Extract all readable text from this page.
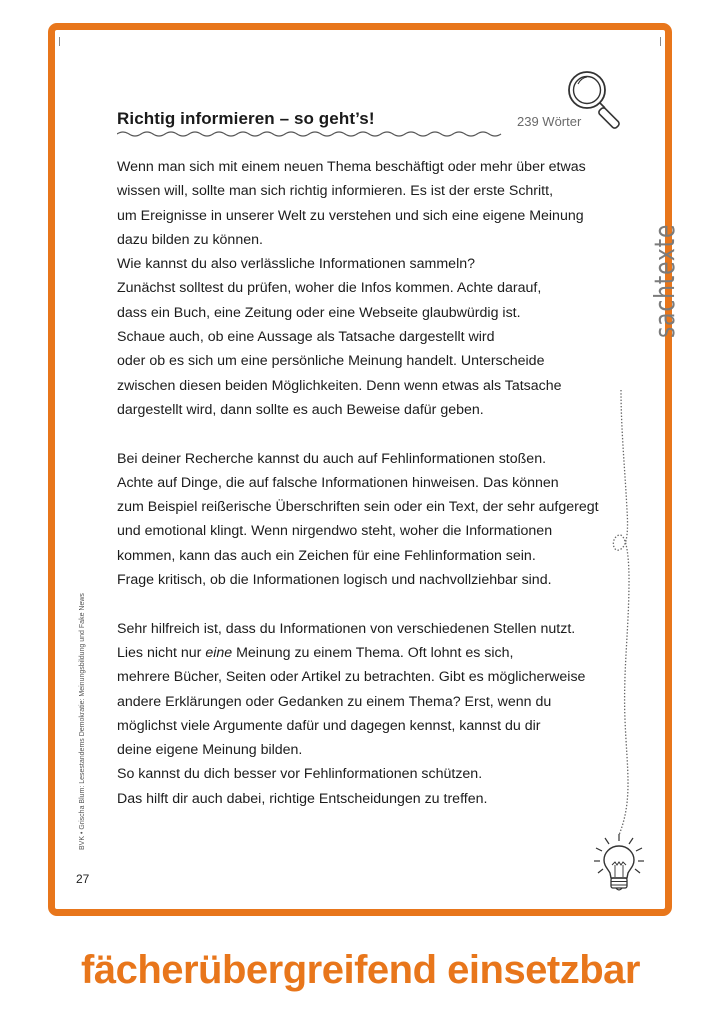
Richtig informieren – so geht’s!	239 Wörter
Wenn man sich mit einem neuen Thema beschäftigt oder mehr über etwas
wissen will, sollte man sich richtig informieren. Es ist der erste Schritt,
um Ereignisse in unserer Welt zu verstehen und sich eine eigene Meinung
dazu bilden zu können.
Wie kannst du also verlässliche Informationen sammeln?
Zunächst solltest du prüfen, woher die Infos kommen. Achte darauf,
dass ein Buch, eine Zeitung oder eine Webseite glaubwürdig ist.
Schaue auch, ob eine Aussage als Tatsache dargestellt wird
oder ob es sich um eine persönliche Meinung handelt. Unterscheide
zwischen diesen beiden Möglichkeiten. Denn wenn etwas als Tatsache
dargestellt wird, dann sollte es auch Beweise dafür geben.
Bei deiner Recherche kannst du auch auf Fehlinformationen stoßen.
Achte auf Dinge, die auf falsche Informationen hinweisen. Das können
zum Beispiel reißerische Überschriften sein oder ein Text, der sehr aufgeregt
und emotional klingt. Wenn nirgendwo steht, woher die Informationen
kommen, kann das auch ein Zeichen für eine Fehlinformation sein.
Frage kritisch, ob die Informationen logisch und nachvollziehbar sind.
Sehr hilfreich ist, dass du Informationen von verschiedenen Stellen nutzt.
Lies nicht nur eine Meinung zu einem Thema. Oft lohnt es sich,
mehrere Bücher, Seiten oder Artikel zu betrachten. Gibt es möglicherweise
andere Erklärungen oder Gedanken zu einem Thema? Erst, wenn du
möglichst viele Argumente dafür und dagegen kennst, kannst du dir
deine eigene Meinung bilden.
So kannst du dich besser vor Fehlinformationen schützen.
Das hilft dir auch dabei, richtige Entscheidungen zu treffen.
sachtexte
BVK • Grischa Blum: Lesestandems Demokratie: Meinungsbildung und Fake News
27
fächerübergreifend einsetzbar
